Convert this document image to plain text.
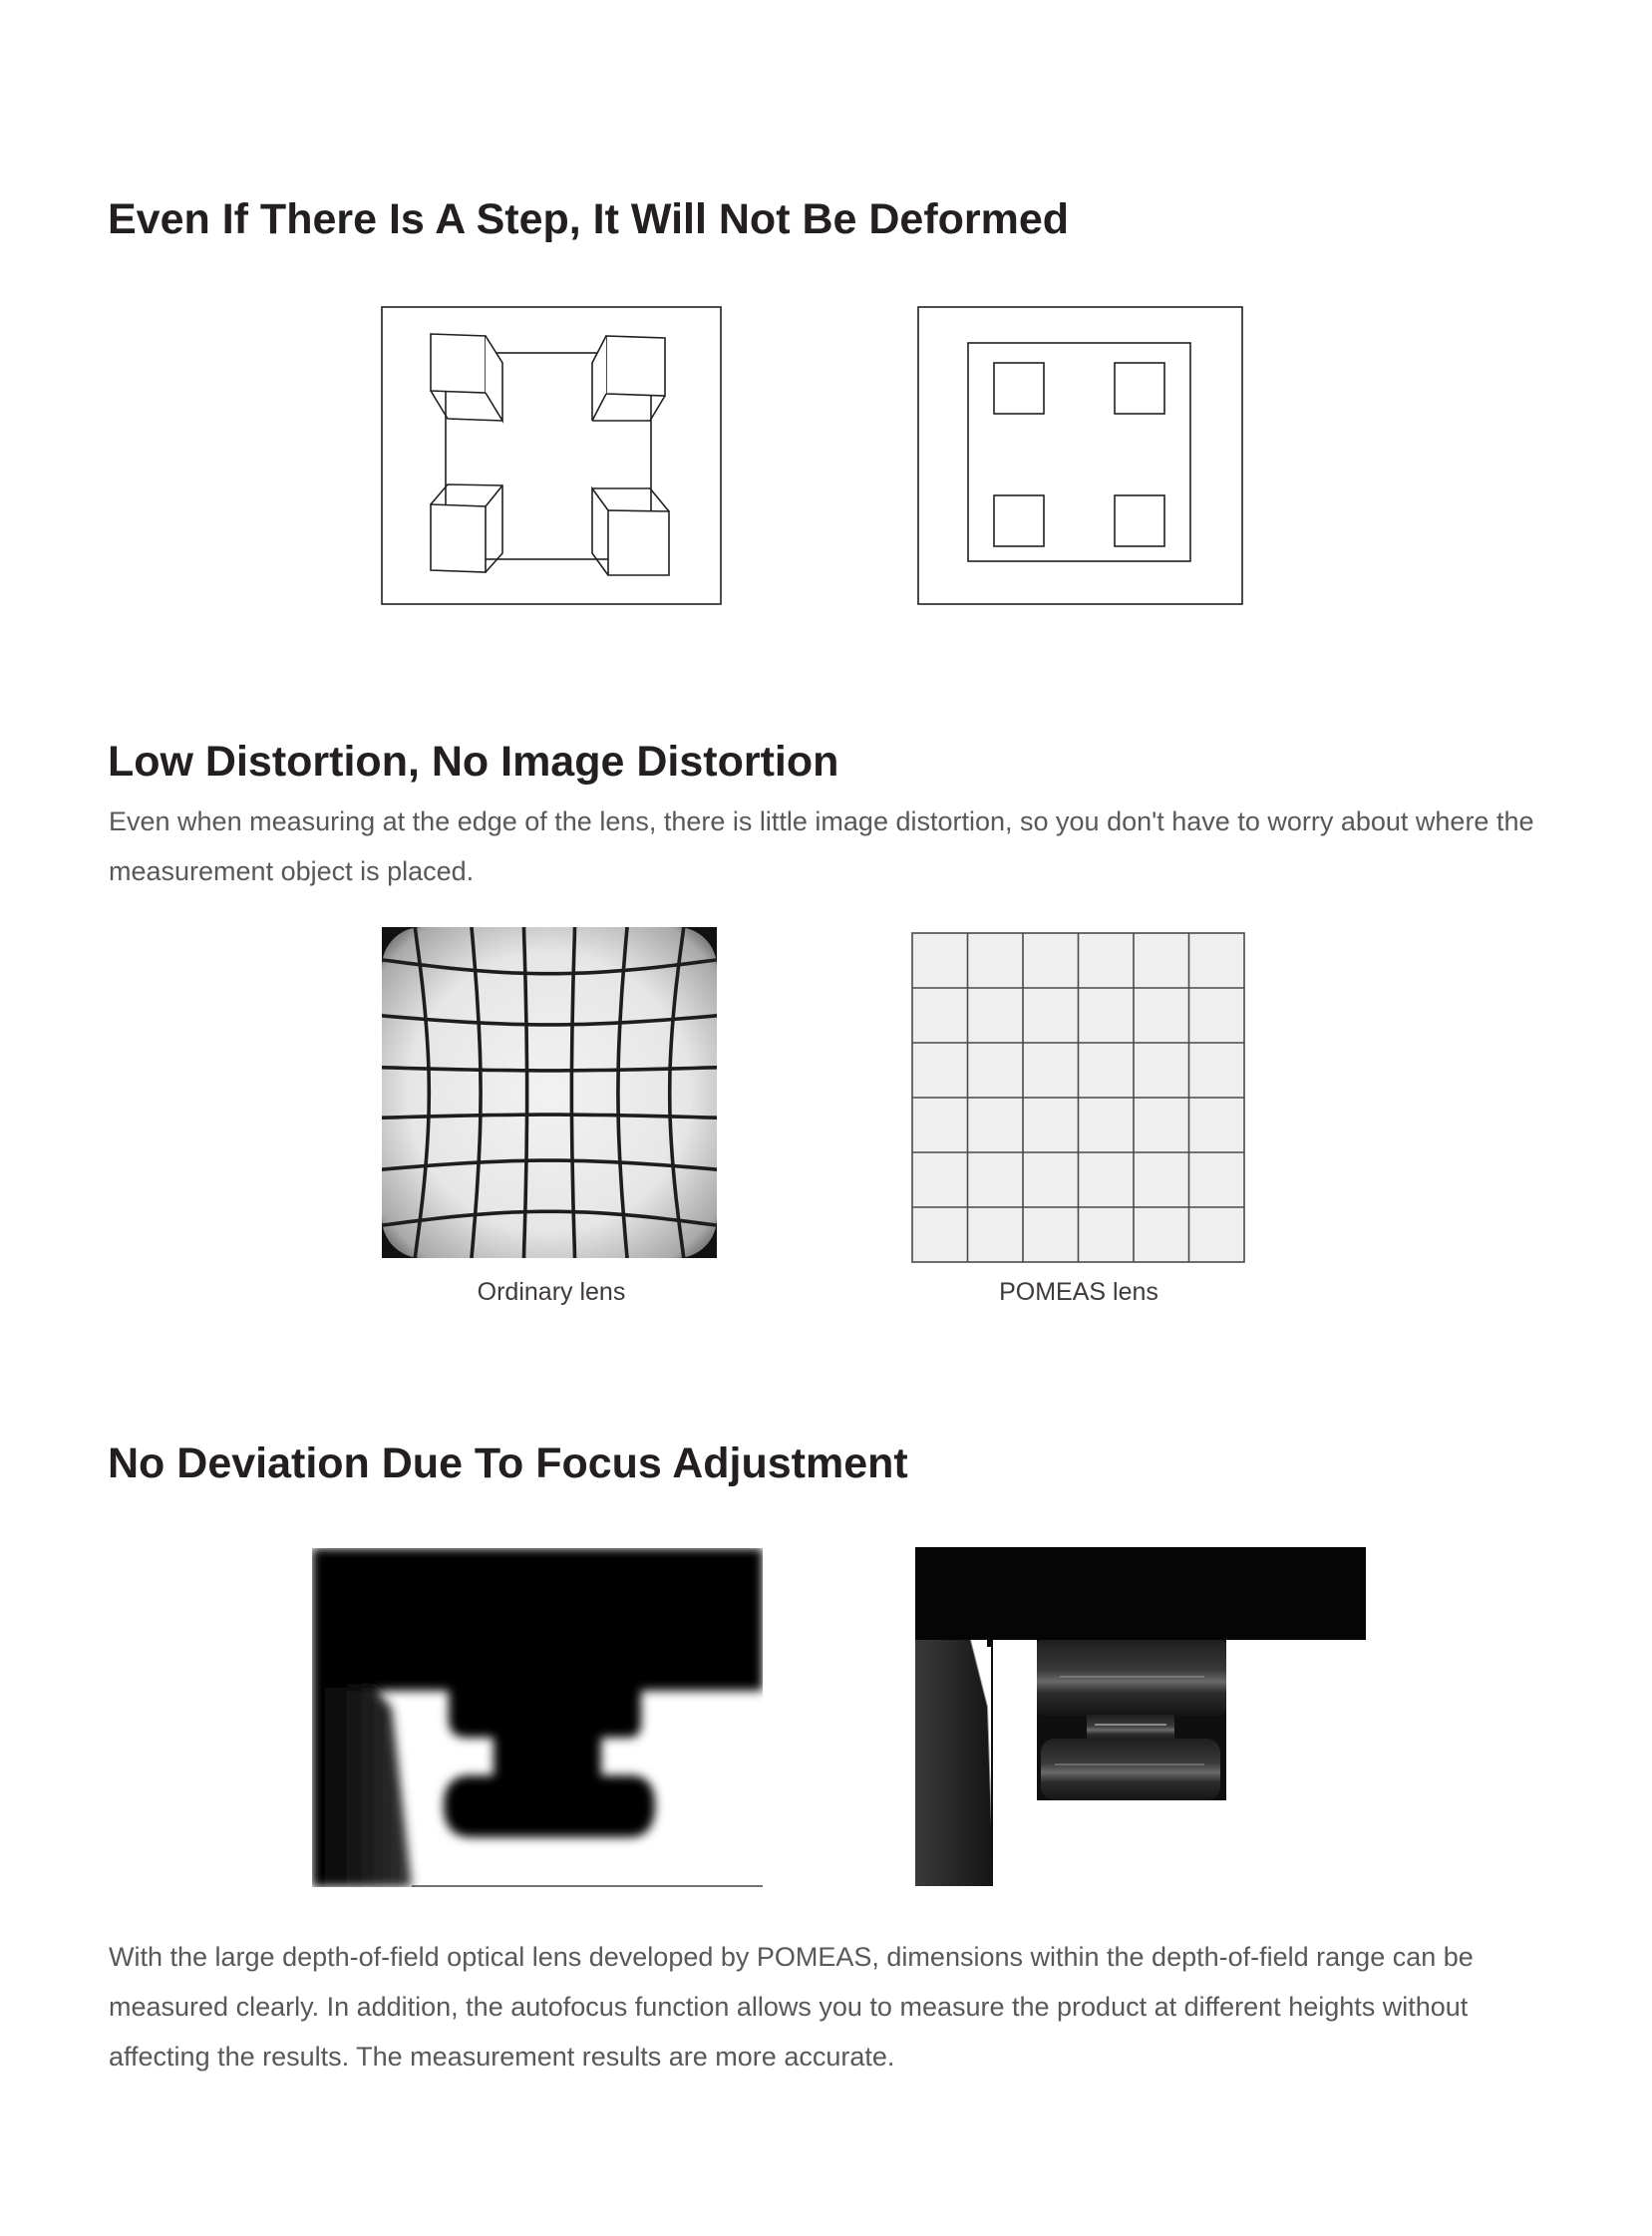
Even If There Is A Step, It Will Not Be Deformed
Low Distortion, No Image Distortion

Even when measuring at the edge of the lens, there is little image distortion, so you don't have to worry about where the measurement object is placed.

Ordinary lens	POMEAS lens
No Deviation Due To Focus Adjustment

With the large depth-of-field optical lens developed by POMEAS, dimensions within the depth-of-field range can be measured clearly. In addition, the autofocus function allows you to measure the product at different heights without affecting the results. The measurement results are more accurate.
